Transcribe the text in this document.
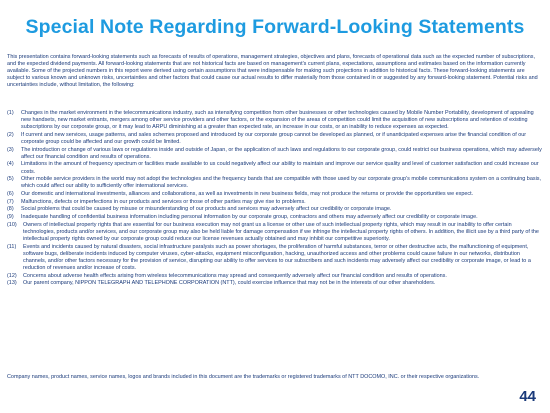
Special Note Regarding Forward-Looking Statements

This presentation contains forward-looking statements such as forecasts of results of operations, management strategies, objectives and plans, forecasts of operational data such as the expected number of subscriptions, and the expected dividend payments. All forward-looking statements that are not historical facts are based on management's current plans, expectations, assumptions and estimates based on the information currently available. Some of the projected numbers in this report were derived using certain assumptions that were indispensable for making such projections in addition to historical facts. These forward-looking statements are subject to various known and unknown risks, uncertainties and other factors that could cause our actual results to differ materially from those contained in or suggested by any forward-looking statement. Potential risks and uncertainties include, without limitation, the following:

(1)	Changes in the market environment in the telecommunications industry, such as intensifying competition from other businesses or other technologies caused by Mobile Number Portability, development of appealing new handsets, new market entrants, mergers among other service providers and other factors, or the expansion of the areas of competition could limit the acquisition of new subscriptions and retention of existing subscriptions by our corporate group, or it may lead to ARPU diminishing at a greater than expected rate, an increase in our costs, or an inability to reduce expenses as expected.
(2)	If current and new services, usage patterns, and sales schemes proposed and introduced by our corporate group cannot be developed as planned, or if unanticipated expenses arise the financial condition of our corporate group could be affected and our growth could be limited.
(3)	The introduction or change of various laws or regulations inside and outside of Japan, or the application of such laws and regulations to our corporate group, could restrict our business operations, which may adversely affect our financial condition and results of operations.
(4)	Limitations in the amount of frequency spectrum or facilities made available to us could negatively affect our ability to maintain and improve our service quality and level of customer satisfaction and could increase our costs.
(5)	Other mobile service providers in the world may not adopt the technologies and the frequency bands that are compatible with those used by our corporate group's mobile communications system on a continuing basis, which could affect our ability to sufficiently offer international services.
(6)	Our domestic and international investments, alliances and collaborations, as well as investments in new business fields, may not produce the returns or provide the opportunities we expect.
(7)	Malfunctions, defects or imperfections in our products and services or those of other parties may give rise to problems.
(8)	Social problems that could be caused by misuse or misunderstanding of our products and services may adversely affect our credibility or corporate image.
(9)	Inadequate handling of confidential business information including personal information by our corporate group, contractors and others may adversely affect our credibility or corporate image.
(10)	Owners of intellectual property rights that are essential for our business execution may not grant us a license or other use of such intellectual property rights, which may result in our inability to offer certain technologies, products and/or services, and our corporate group may also be held liable for damage compensation if we infringe the intellectual property rights of others. In addition, the illicit use by a third party of the intellectual property rights owned by our corporate group could reduce our license revenues actually obtained and may inhibit our competitive superiority.
(11)	Events and incidents caused by natural disasters, social infrastructure paralysis such as power shortages, the proliferation of harmful substances, terror or other destructive acts, the malfunctioning of equipment, software bugs, deliberate incidents induced by computer viruses, cyber-attacks, equipment misconfiguration, hacking, unauthorized access and other problems could cause failure in our networks, distribution channels, and/or other factors necessary for the provision of service, disrupting our ability to offer services to our subscribers and such incidents may adversely affect our credibility or corporate image, or lead to a reduction of revenues and/or increase of costs.
(12)	Concerns about adverse health effects arising from wireless telecommunications may spread and consequently adversely affect our financial condition and results of operations.
(13)	Our parent company, NIPPON TELEGRAPH AND TELEPHONE CORPORATION (NTT), could exercise influence that may not be in the interests of our other shareholders.

Company names, product names, service names, logos and brands included in this document are the trademarks or registered trademarks of NTT DOCOMO, INC. or their respective organizations.

44
